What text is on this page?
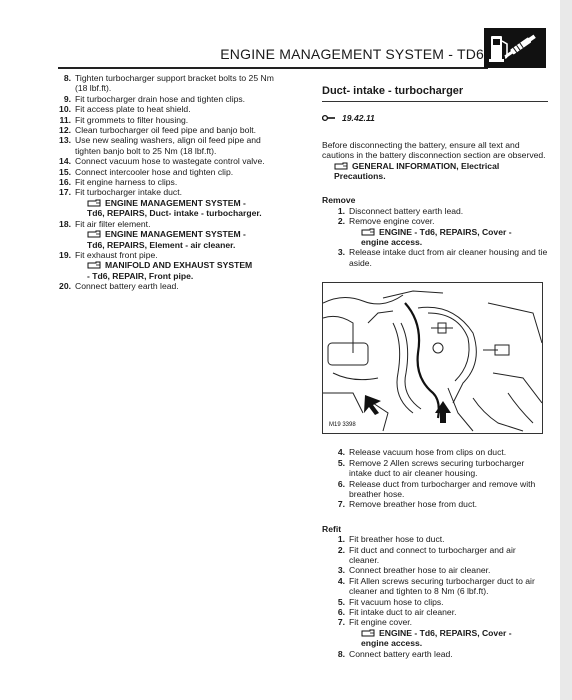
ENGINE MANAGEMENT SYSTEM - TD6
8. Tighten turbocharger support bracket bolts to 25 Nm (18 lbf.ft).
9. Fit turbocharger drain hose and tighten clips.
10. Fit access plate to heat shield.
11. Fit grommets to filter housing.
12. Clean turbocharger oil feed pipe and banjo bolt.
13. Use new sealing washers, align oil feed pipe and tighten banjo bolt to 25 Nm (18 lbf.ft).
14. Connect vacuum hose to wastegate control valve.
15. Connect intercooler hose and tighten clip.
16. Fit engine harness to clips.
17. Fit turbocharger intake duct.
ENGINE MANAGEMENT SYSTEM -
Td6, REPAIRS, Duct- intake - turbocharger.
18. Fit air filter element.
ENGINE MANAGEMENT SYSTEM -
Td6, REPAIRS, Element - air cleaner.
19. Fit exhaust front pipe.
MANIFOLD AND EXHAUST SYSTEM
- Td6, REPAIR, Front pipe.
20. Connect battery earth lead.
Duct- intake - turbocharger
19.42.11
Before disconnecting the battery, ensure all text and cautions in the battery disconnection section are observed.
GENERAL INFORMATION, Electrical
Precautions.
Remove
1. Disconnect battery earth lead.
2. Remove engine cover.
ENGINE - Td6, REPAIRS, Cover -
engine access.
3. Release intake duct from air cleaner housing and tie aside.
M19 3398
4. Release vacuum hose from clips on duct.
5. Remove 2 Allen screws securing turbocharger intake duct to air cleaner housing.
6. Release duct from turbocharger and remove with breather hose.
7. Remove breather hose from duct.
Refit
1. Fit breather hose to duct.
2. Fit duct and connect to turbocharger and air cleaner.
3. Connect breather hose to air cleaner.
4. Fit Allen screws securing turbocharger duct to air cleaner and tighten to 8 Nm (6 lbf.ft).
5. Fit vacuum hose to clips.
6. Fit intake duct to air cleaner.
7. Fit engine cover.
ENGINE - Td6, REPAIRS, Cover -
engine access.
8. Connect battery earth lead.
